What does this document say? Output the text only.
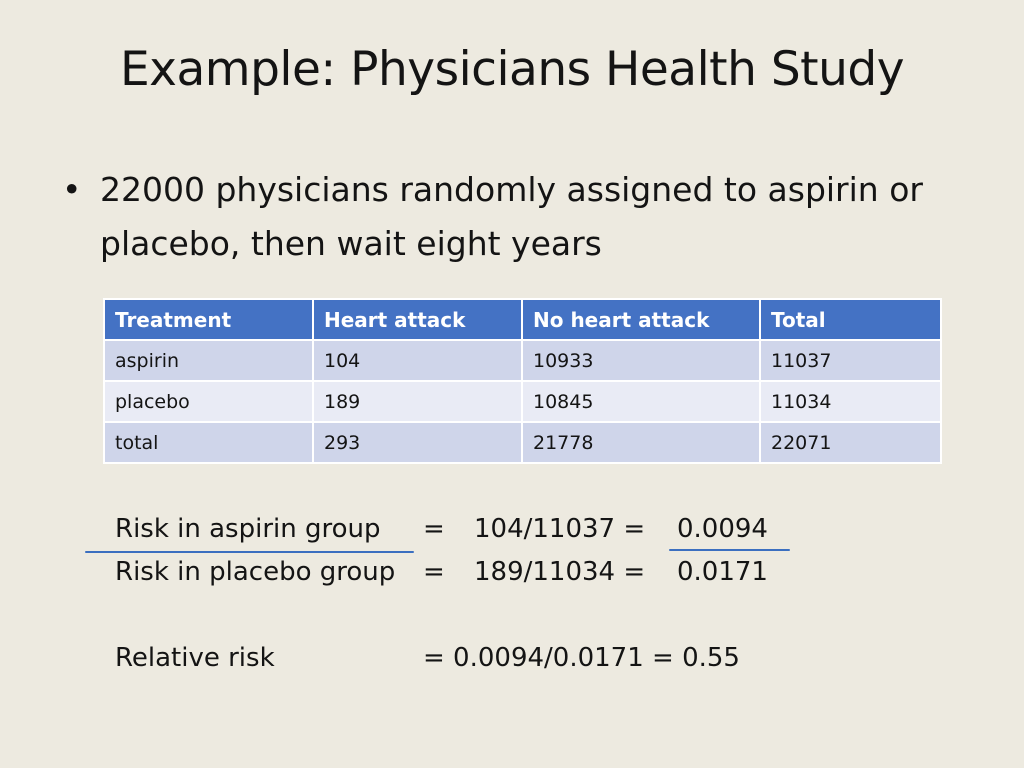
Example: Physicians Health Study
• 22000 physicians randomly assigned to aspirin or placebo, then wait eight years
Treatment	Heart attack	No heart attack	Total
aspirin	104	10933	11037
placebo	189	10845	11034
total	293	21778	22071
Risk in aspirin group = 104/11037 = 0.0094
Risk in placebo group = 189/11034 = 0.0171
Relative risk	= 0.0094/0.0171 = 0.55
